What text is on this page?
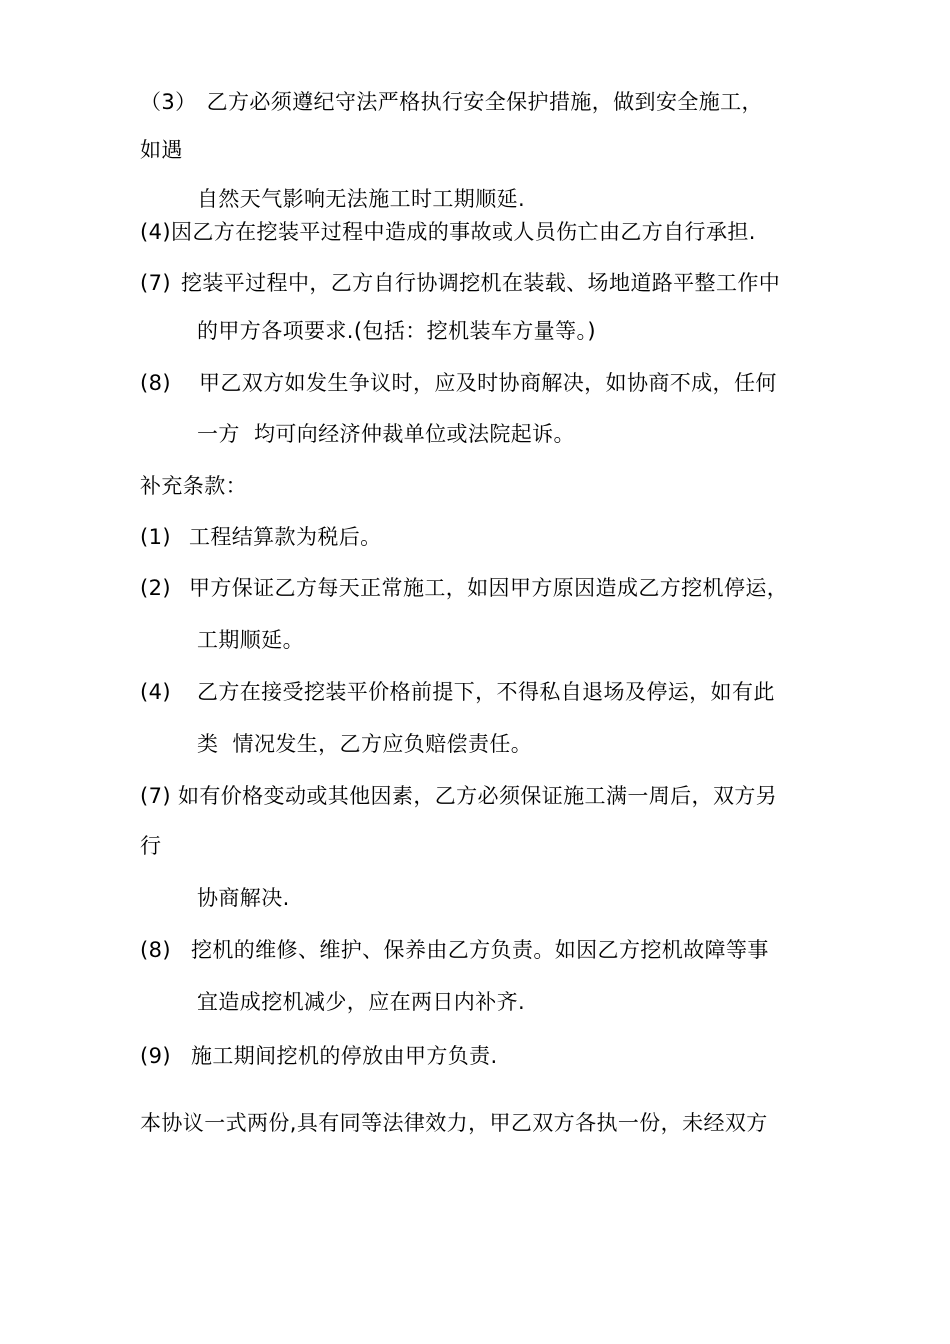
（3） 乙方必须遵纪守法严格执行安全保护措施，做到安全施工，
如遇
自然天气影响无法施工时工期顺延.
(4)因乙方在挖装平过程中造成的事故或人员伤亡由乙方自行承担.
(7) 挖装平过程中，乙方自行协调挖机在装载、场地道路平整工作中
的甲方各项要求.(包括：挖机装车方量等。)
(8) 甲乙双方如发生争议时，应及时协商解决，如协商不成，任何
一方  均可向经济仲裁单位或法院起诉。
补充条款：
(1) 工程结算款为税后。
(2) 甲方保证乙方每天正常施工，如因甲方原因造成乙方挖机停运，
工期顺延。
(4) 乙方在接受挖装平价格前提下，不得私自退场及停运，如有此
类  情况发生，乙方应负赔偿责任。
(7) 如有价格变动或其他因素，乙方必须保证施工满一周后，双方另
行
协商解决.
(8) 挖机的维修、维护、保养由乙方负责。如因乙方挖机故障等事
宜造成挖机减少，应在两日内补齐.
(9) 施工期间挖机的停放由甲方负责.
本协议一式两份,具有同等法律效力，甲乙双方各执一份，未经双方
